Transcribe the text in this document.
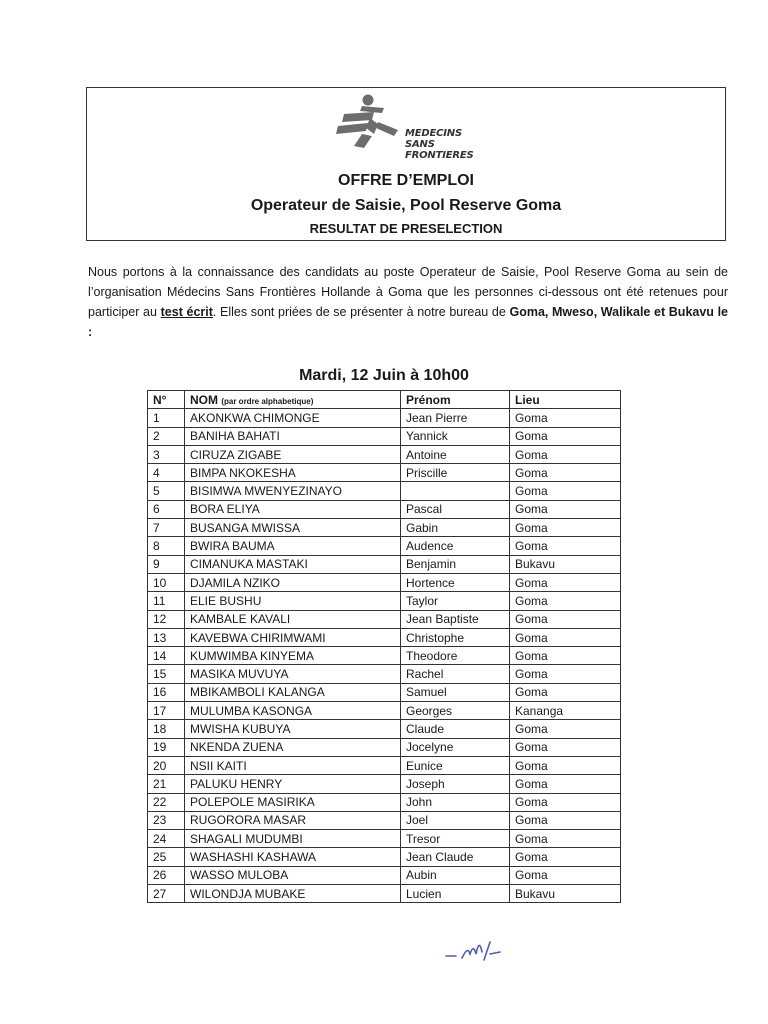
MEDECINS
SANS FRONTIERES
OFFRE D’EMPLOI
Operateur de Saisie, Pool Reserve Goma
RESULTAT DE PRESELECTION
Nous portons à la connaissance des candidats au poste Operateur de Saisie, Pool Reserve Goma au sein de l’organisation Médecins Sans Frontières Hollande à Goma que les personnes ci-dessous ont été retenues pour participer au test écrit. Elles sont priées de se présenter à notre bureau de Goma, Mweso, Walikale et Bukavu le :
Mardi, 12 Juin à 10h00
N°	NOM (par ordre alphabetique)	Prénom	Lieu
1	AKONKWA CHIMONGE	Jean Pierre	Goma
2	BANIHA BAHATI	Yannick	Goma
3	CIRUZA ZIGABE	Antoine	Goma
4	BIMPA NKOKESHA	Priscille	Goma
5	BISIMWA MWENYEZINAYO		Goma
6	BORA ELIYA	Pascal	Goma
7	BUSANGA MWISSA	Gabin	Goma
8	BWIRA BAUMA	Audence	Goma
9	CIMANUKA MASTAKI	Benjamin	Bukavu
10	DJAMILA NZIKO	Hortence	Goma
11	ELIE BUSHU	Taylor	Goma
12	KAMBALE KAVALI	Jean Baptiste	Goma
13	KAVEBWA CHIRIMWAMI	Christophe	Goma
14	KUMWIMBA KINYEMA	Theodore	Goma
15	MASIKA MUVUYA	Rachel	Goma
16	MBIKAMBOLI KALANGA	Samuel	Goma
17	MULUMBA KASONGA	Georges	Kananga
18	MWISHA KUBUYA	Claude	Goma
19	NKENDA ZUENA	Jocelyne	Goma
20	NSII KAITI	Eunice	Goma
21	PALUKU HENRY	Joseph	Goma
22	POLEPOLE MASIRIKA	John	Goma
23	RUGORORA MASAR	Joel	Goma
24	SHAGALI MUDUMBI	Tresor	Goma
25	WASHASHI KASHAWA	Jean Claude	Goma
26	WASSO MULOBA	Aubin	Goma
27	WILONDJA MUBAKE	Lucien	Bukavu
